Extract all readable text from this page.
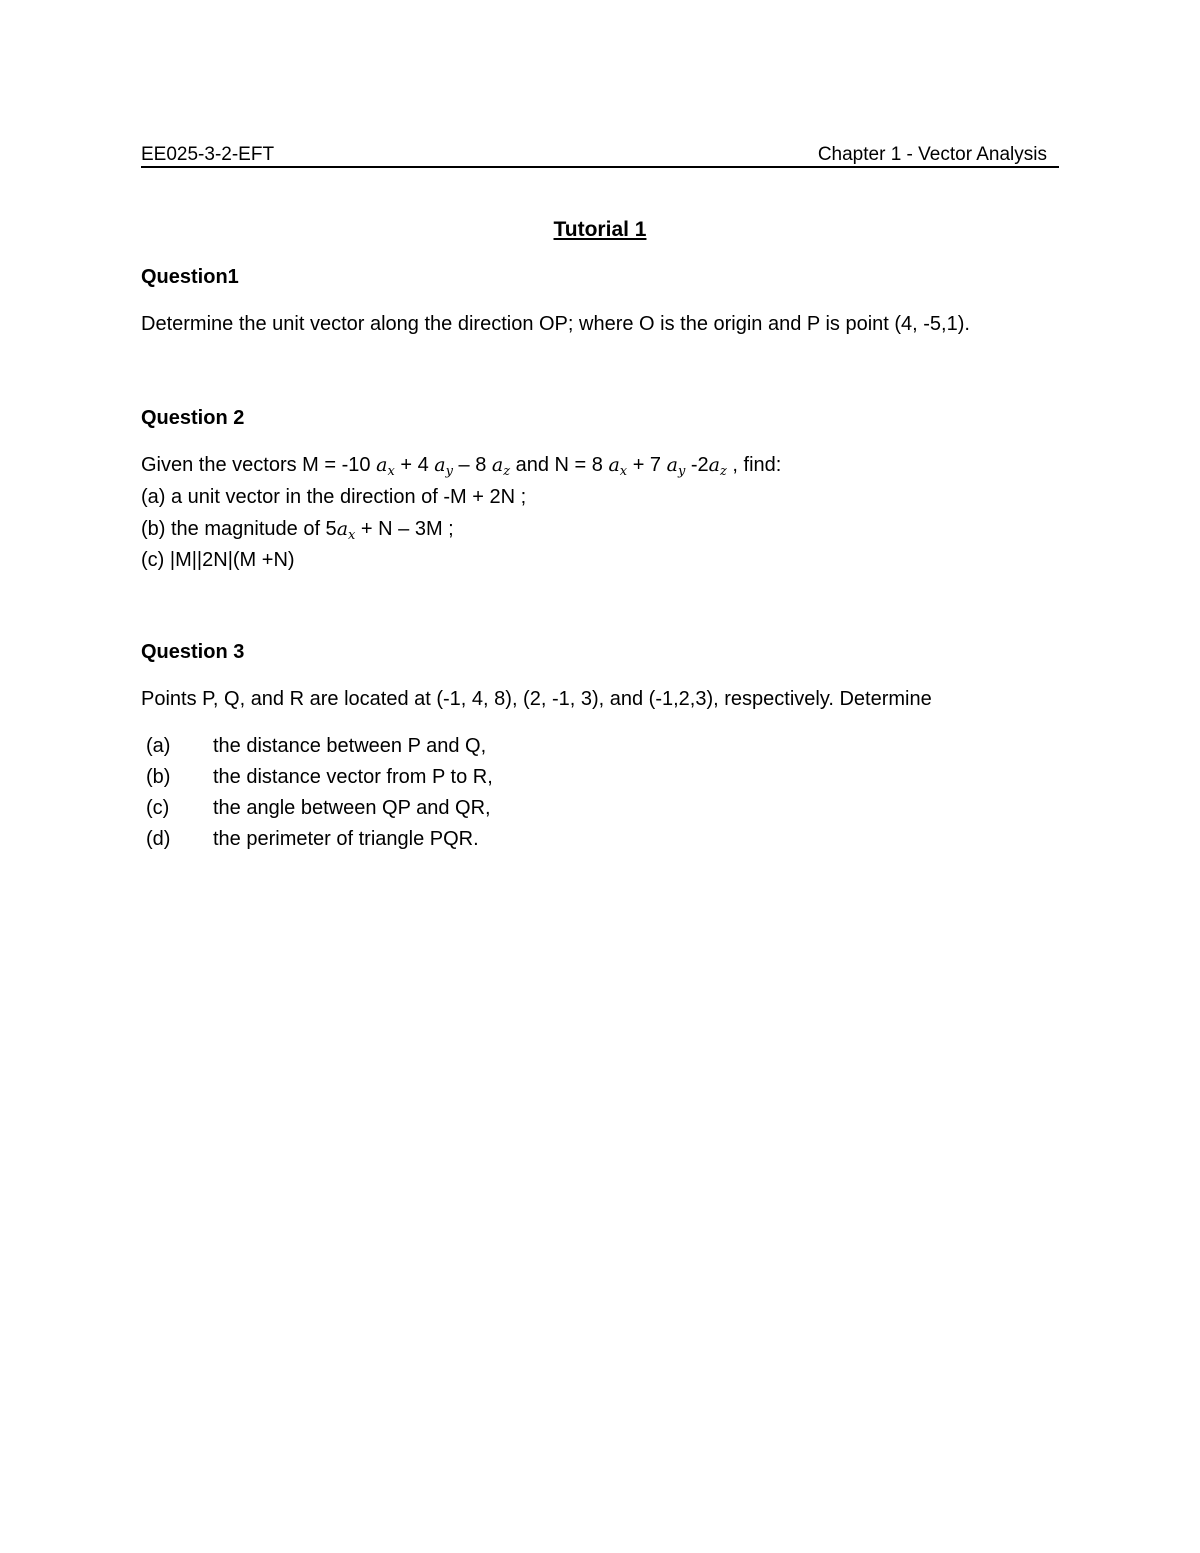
EE025-3-2-EFT	Chapter 1 - Vector Analysis
Tutorial 1
Question1
Determine the unit vector along the direction OP; where O is the origin and P is point (4, -5,1).
Question 2
Given the vectors M = -10 $a_x + 4$ $a_y - 8$ $a_z$ and N = 8 $a_x + 7$ $a_y$ $-2a_z$ , find:
(a) a unit vector in the direction of -M + 2N ;
(b) the magnitude of $5a_x + N - 3M$ ;
(c) |M||2N|(M +N)
Question 3
Points P, Q, and R are located at (-1, 4, 8), (2, -1, 3), and (-1,2,3), respectively. Determine
(a) the distance between P and Q,
(b) the distance vector from P to R,
(c) the angle between QP and QR,
(d) the perimeter of triangle PQR.
